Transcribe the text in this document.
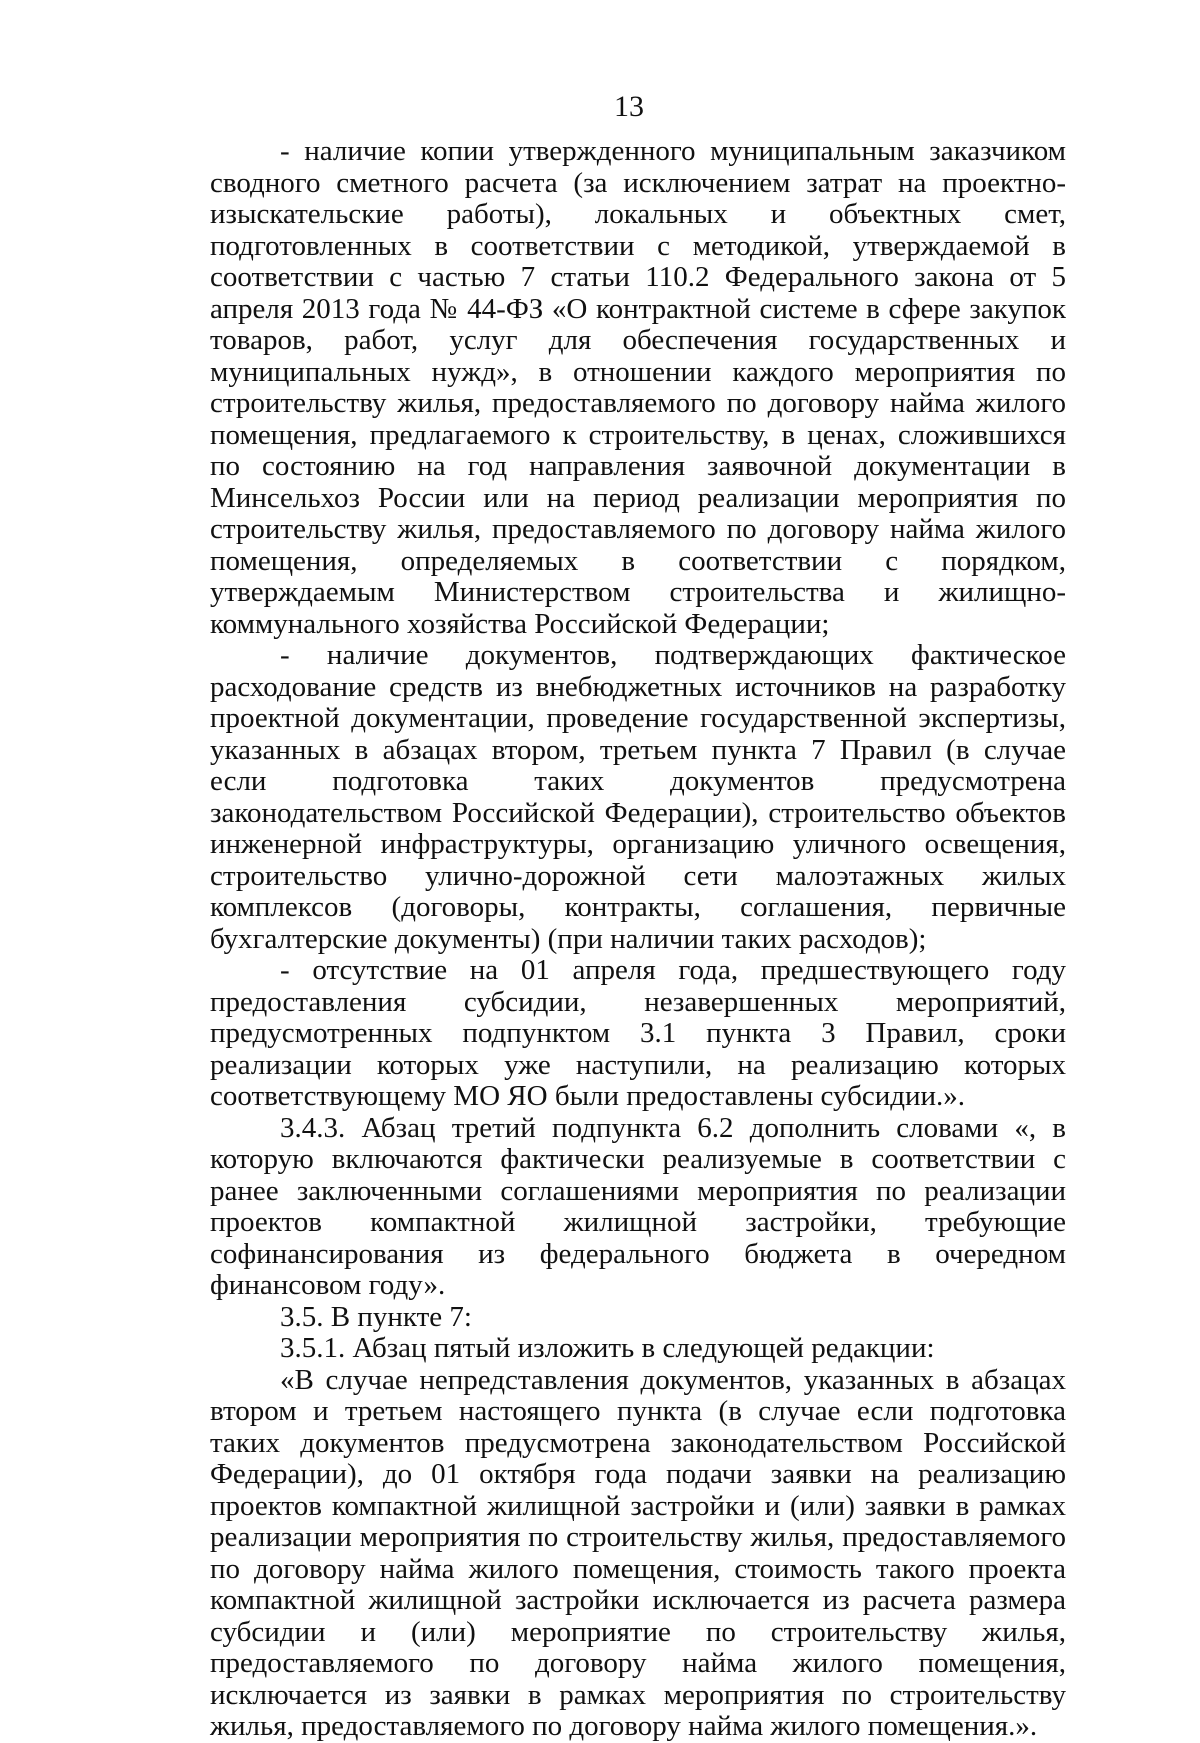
13

- наличие копии утвержденного муниципальным заказчиком сводного сметного расчета (за исключением затрат на проектно-изыскательские работы), локальных и объектных смет, подготовленных в соответствии с методикой, утверждаемой в соответствии с частью 7 статьи 110.2 Федерального закона от 5 апреля 2013 года № 44-ФЗ «О контрактной системе в сфере закупок товаров, работ, услуг для обеспечения государственных и муниципальных нужд», в отношении каждого мероприятия по строительству жилья, предоставляемого по договору найма жилого помещения, предлагаемого к строительству, в ценах, сложившихся по состоянию на год направления заявочной документации в Минсельхоз России или на период реализации мероприятия по строительству жилья, предоставляемого по договору найма жилого помещения, определяемых в соответствии с порядком, утверждаемым Министерством строительства и жилищно-коммунального хозяйства Российской Федерации;

- наличие документов, подтверждающих фактическое расходование средств из внебюджетных источников на разработку проектной документации, проведение государственной экспертизы, указанных в абзацах втором, третьем пункта 7 Правил (в случае если подготовка таких документов предусмотрена законодательством Российской Федерации), строительство объектов инженерной инфраструктуры, организацию уличного освещения, строительство улично-дорожной сети малоэтажных жилых комплексов (договоры, контракты, соглашения, первичные бухгалтерские документы) (при наличии таких расходов);

- отсутствие на 01 апреля года, предшествующего году предоставления субсидии, незавершенных мероприятий, предусмотренных подпунктом 3.1 пункта 3 Правил, сроки реализации которых уже наступили, на реализацию которых соответствующему МО ЯО были предоставлены субсидии.».

3.4.3. Абзац третий подпункта 6.2 дополнить словами «, в которую включаются фактически реализуемые в соответствии с ранее заключенными соглашениями мероприятия по реализации проектов компактной жилищной застройки, требующие софинансирования из федерального бюджета в очередном финансовом году».

3.5. В пункте 7:

3.5.1. Абзац пятый изложить в следующей редакции:

«В случае непредставления документов, указанных в абзацах втором и третьем настоящего пункта (в случае если подготовка таких документов предусмотрена законодательством Российской Федерации), до 01 октября года подачи заявки на реализацию проектов компактной жилищной застройки и (или) заявки в рамках реализации мероприятия по строительству жилья, предоставляемого по договору найма жилого помещения, стоимость такого проекта компактной жилищной застройки исключается из расчета размера субсидии и (или) мероприятие по строительству жилья, предоставляемого по договору найма жилого помещения, исключается из заявки в рамках мероприятия по строительству жилья, предоставляемого по договору найма жилого помещения.».
